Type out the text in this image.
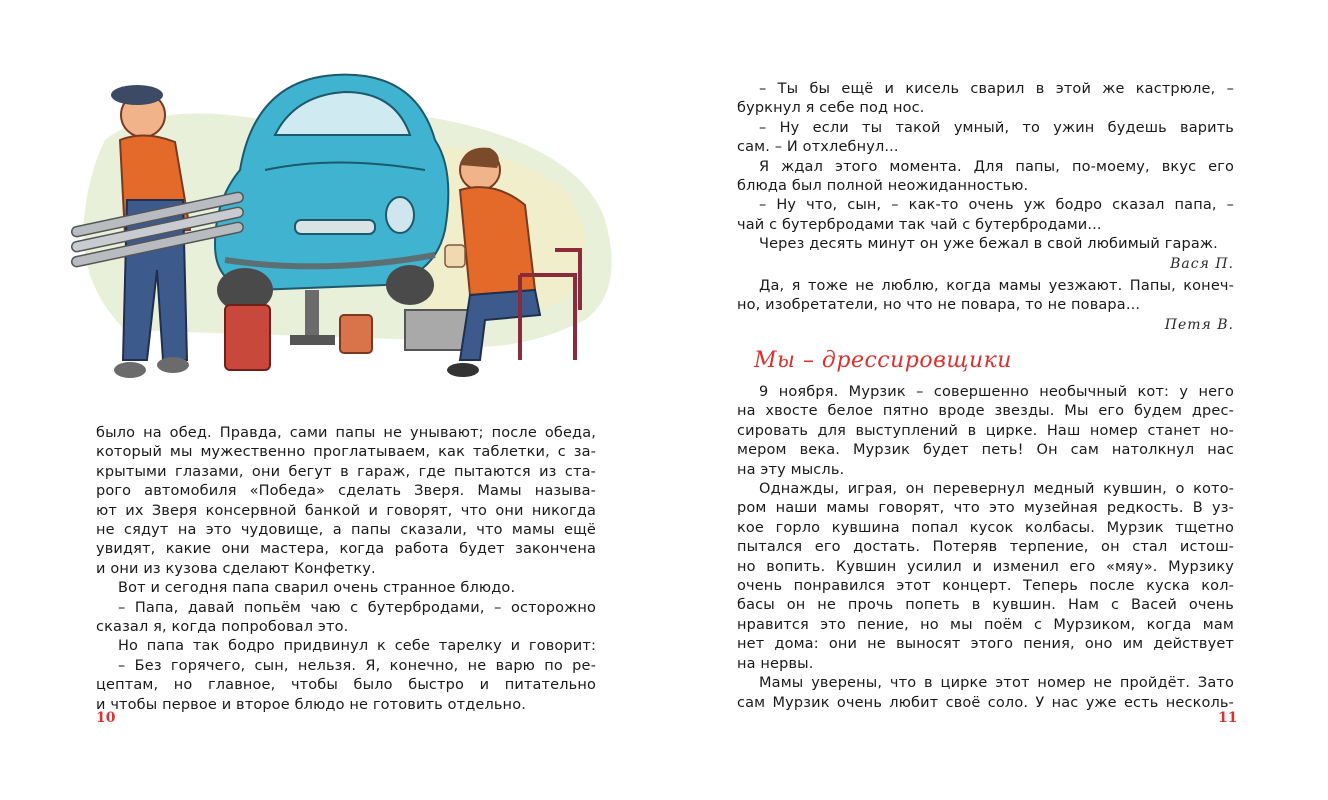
было на обед. Правда, сами папы не унывают; после обеда,
который мы мужественно проглатываем, как таблетки, с за-
крытыми глазами, они бегут в гараж, где пытаются из ста-
рого автомобиля «Победа» сделать Зверя. Мамы называ-
ют их Зверя консервной банкой и говорят, что они никогда
не сядут на это чудовище, а папы сказали, что мамы ещё
увидят, какие они мастера, когда работа будет закончена
и они из кузова сделают Конфетку.
Вот и сегодня папа сварил очень странное блюдо.
– Папа, давай попьём чаю с бутербродами, – осторожно
сказал я, когда попробовал это.
Но папа так бодро придвинул к себе тарелку и говорит:
– Без горячего, сын, нельзя. Я, конечно, не варю по ре-
цептам, но главное, чтобы было быстро и питательно
и чтобы первое и второе блюдо не готовить отдельно.
10
– Ты бы ещё и кисель сварил в этой же кастрюле, –
буркнул я себе под нос.
– Ну если ты такой умный, то ужин будешь варить
сам. – И отхлебнул...
Я ждал этого момента. Для папы, по-моему, вкус его
блюда был полной неожиданностью.
– Ну что, сын, – как-то очень уж бодро сказал папа, –
чай с бутербродами так чай с бутербродами...
Через десять минут он уже бежал в свой любимый гараж.
Вася П.
Да, я тоже не люблю, когда мамы уезжают. Папы, конеч-
но, изобретатели, но что не повара, то не повара...
Петя В.
Мы – дрессировщики
9 ноября. Мурзик – совершенно необычный кот: у него
на хвосте белое пятно вроде звезды. Мы его будем дрес-
сировать для выступлений в цирке. Наш номер станет но-
мером века. Мурзик будет петь! Он сам натолкнул нас
на эту мысль.
Однажды, играя, он перевернул медный кувшин, о кото-
ром наши мамы говорят, что это музейная редкость. В уз-
кое горло кувшина попал кусок колбасы. Мурзик тщетно
пытался его достать. Потеряв терпение, он стал истош-
но вопить. Кувшин усилил и изменил его «мяу». Мурзику
очень понравился этот концерт. Теперь после куска кол-
басы он не прочь попеть в кувшин. Нам с Васей очень
нравится это пение, но мы поём с Мурзиком, когда мам
нет дома: они не выносят этого пения, оно им действует
на нервы.
Мамы уверены, что в цирке этот номер не пройдёт. Зато
сам Мурзик очень любит своё соло. У нас уже есть несколь-
11
